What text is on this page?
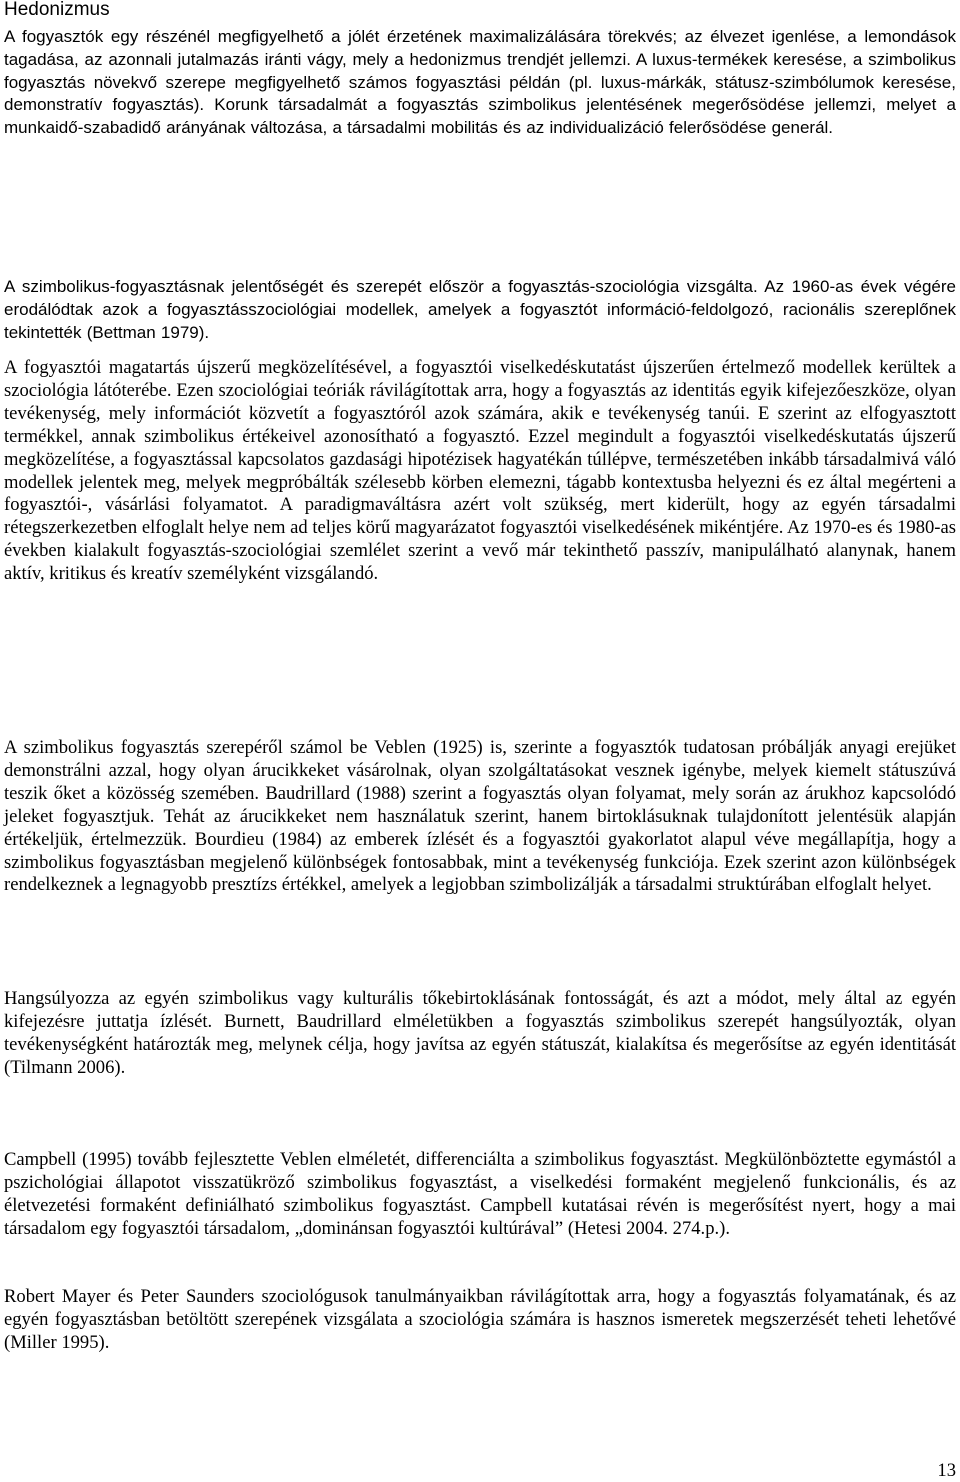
Hedonizmus

A fogyasztók egy részénél megfigyelhető a jólét érzetének maximalizálására törekvés; az élvezet igenlése, a lemondások tagadása, az azonnali jutalmazás iránti vágy, mely a hedonizmus trendjét jellemzi. A luxus-termékek keresése, a szimbolikus fogyasztás növekvő szerepe megfigyelhető számos fogyasztási példán (pl. luxus-márkák, státusz-szimbólumok keresése, demonstratív fogyasztás). Korunk társadalmát a fogyasztás szimbolikus jelentésének megerősödése jellemzi, melyet a munkaidő-szabadidő arányának változása, a társadalmi mobilitás és az individualizáció felerősödése generál.

A szimbolikus-fogyasztásnak jelentőségét és szerepét először a fogyasztás-szociológia vizsgálta. Az 1960-as évek végére erodálódtak azok a fogyasztásszociológiai modellek, amelyek a fogyasztót információ-feldolgozó, racionális szereplőnek tekintették (Bettman 1979).

A fogyasztói magatartás újszerű megközelítésével, a fogyasztói viselkedéskutatást újszerűen értelmező modellek kerültek a szociológia látóterébe. Ezen szociológiai teóriák rávilágítottak arra, hogy a fogyasztás az identitás egyik kifejezőeszköze, olyan tevékenység, mely információt közvetít a fogyasztóról azok számára, akik e tevékenység tanúi. E szerint az elfogyasztott termékkel, annak szimbolikus értékeivel azonosítható a fogyasztó. Ezzel megindult a fogyasztói viselkedéskutatás újszerű megközelítése, a fogyasztással kapcsolatos gazdasági hipotézisek hagyatékán túllépve, természetében inkább társadalmivá váló modellek jelentek meg, melyek megpróbálták szélesebb körben elemezni, tágabb kontextusba helyezni és ez által megérteni a fogyasztói-, vásárlási folyamatot. A paradigmaváltásra azért volt szükség, mert kiderült, hogy az egyén társadalmi rétegszerkezetben elfoglalt helye nem ad teljes körű magyarázatot fogyasztói viselkedésének mikéntjére. Az 1970-es és 1980-as években kialakult fogyasztás-szociológiai szemlélet szerint a vevő már tekinthető passzív, manipulálható alanynak, hanem aktív, kritikus és kreatív személyként vizsgálandó.

A szimbolikus fogyasztás szerepéről számol be Veblen (1925) is, szerinte a fogyasztók tudatosan próbálják anyagi erejüket demonstrálni azzal, hogy olyan árucikkeket vásárolnak, olyan szolgáltatásokat vesznek igénybe, melyek kiemelt státuszúvá teszik őket a közösség szemében. Baudrillard (1988) szerint a fogyasztás olyan folyamat, mely során az árukhoz kapcsolódó jeleket fogyasztjuk. Tehát az árucikkeket nem használatuk szerint, hanem birtoklásuknak tulajdonított jelentésük alapján értékeljük, értelmezzük. Bourdieu (1984) az emberek ízlését és a fogyasztói gyakorlatot alapul véve megállapítja, hogy a szimbolikus fogyasztásban megjelenő különbségek fontosabbak, mint a tevékenység funkciója. Ezek szerint azon különbségek rendelkeznek a legnagyobb presztízs értékkel, amelyek a legjobban szimbolizálják a társadalmi struktúrában elfoglalt helyet.

Hangsúlyozza az egyén szimbolikus vagy kulturális tőkebirtoklásának fontosságát, és azt a módot, mely által az egyén kifejezésre juttatja ízlését. Burnett, Baudrillard elméletükben a fogyasztás szimbolikus szerepét hangsúlyozták, olyan tevékenységként határozták meg, melynek célja, hogy javítsa az egyén státuszát, kialakítsa és megerősítse az egyén identitását (Tilmann 2006).

Campbell (1995) tovább fejlesztette Veblen elméletét, differenciálta a szimbolikus fogyasztást. Megkülönböztette egymástól a pszichológiai állapotot visszatükröző szimbolikus fogyasztást, a viselkedési formaként megjelenő funkcionális, és az életvezetési formaként definiálható szimbolikus fogyasztást. Campbell kutatásai révén is megerősítést nyert, hogy a mai társadalom egy fogyasztói társadalom, „dominánsan fogyasztói kultúrával” (Hetesi 2004. 274.p.).

Robert Mayer és Peter Saunders szociológusok tanulmányaikban rávilágítottak arra, hogy a fogyasztás folyamatának, és az egyén fogyasztásban betöltött szerepének vizsgálata a szociológia számára is hasznos ismeretek megszerzését teheti lehetővé (Miller 1995).

13
